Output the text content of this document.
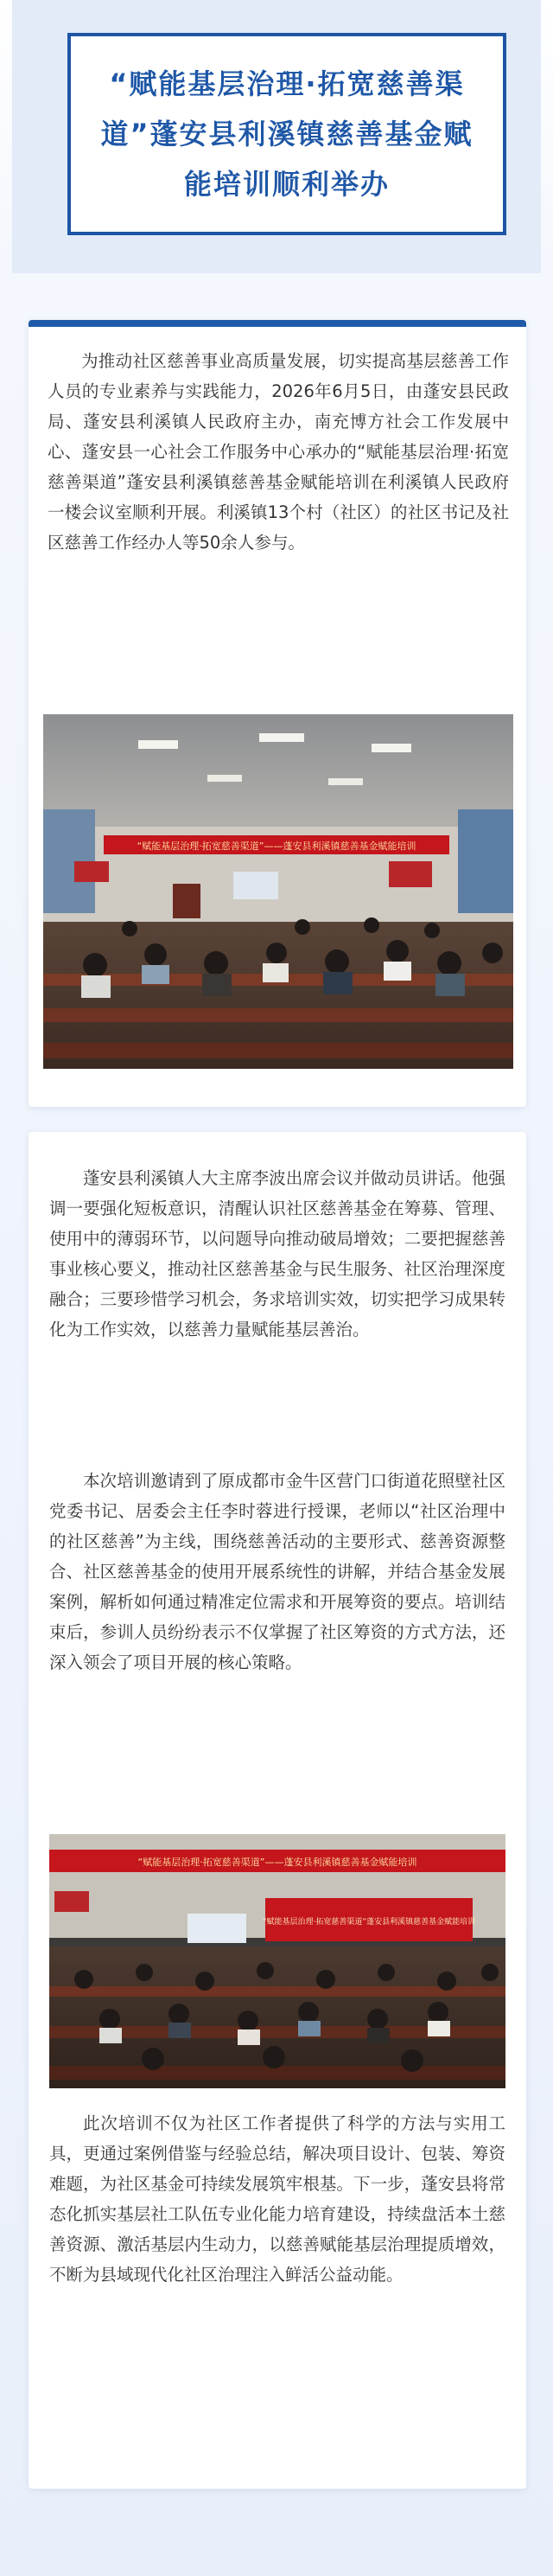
“赋能基层治理·拓宽慈善渠道”蓬安县利溪镇慈善基金赋能培训顺利举办

为推动社区慈善事业高质量发展，切实提高基层慈善工作人员的专业素养与实践能力，2026年6月5日，由蓬安县民政局、蓬安县利溪镇人民政府主办，南充博方社会工作发展中心、蓬安县一心社会工作服务中心承办的“赋能基层治理·拓宽慈善渠道”蓬安县利溪镇慈善基金赋能培训在利溪镇人民政府一楼会议室顺利开展。利溪镇13个村（社区）的社区书记及社区慈善工作经办人等50余人参与。

“赋能基层治理·拓宽慈善渠道”——蓬安县利溪镇慈善基金赋能培训

蓬安县利溪镇人大主席李波出席会议并做动员讲话。他强调一要强化短板意识，清醒认识社区慈善基金在筹募、管理、使用中的薄弱环节，以问题导向推动破局增效；二要把握慈善事业核心要义，推动社区慈善基金与民生服务、社区治理深度融合；三要珍惜学习机会，务求培训实效，切实把学习成果转化为工作实效，以慈善力量赋能基层善治。

本次培训邀请到了原成都市金牛区营门口街道花照壁社区党委书记、居委会主任李时蓉进行授课，老师以“社区治理中的社区慈善”为主线，围绕慈善活动的主要形式、慈善资源整合、社区慈善基金的使用开展系统性的讲解，并结合基金发展案例，解析如何通过精准定位需求和开展筹资的要点。培训结束后，参训人员纷纷表示不仅掌握了社区筹资的方式方法，还深入领会了项目开展的核心策略。

“赋能基层治理·拓宽慈善渠道”——蓬安县利溪镇慈善基金赋能培训
“赋能基层治理·拓宽慈善渠道”蓬安县利溪镇慈善基金赋能培训

此次培训不仅为社区工作者提供了科学的方法与实用工具，更通过案例借鉴与经验总结，解决项目设计、包装、筹资难题，为社区基金可持续发展筑牢根基。下一步，蓬安县将常态化抓实基层社工队伍专业化能力培育建设，持续盘活本土慈善资源、激活基层内生动力，以慈善赋能基层治理提质增效，不断为县域现代化社区治理注入鲜活公益动能。
